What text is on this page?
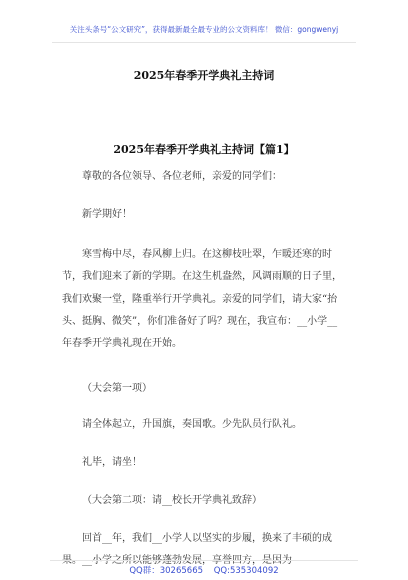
关注头条号“公文研究”，获得最新最全最专业的公文资料库！ 微信：gongwenyj
2025年春季开学典礼主持词
2025年春季开学典礼主持词【篇1】
尊敬的各位领导、各位老师，亲爱的同学们：
新学期好！
寒雪梅中尽，春风柳上归。在这柳枝吐翠，乍暖还寒的时节，我们迎来了新的学期。在这生机盎然，风调雨顺的日子里，我们欢聚一堂，隆重举行开学典礼。亲爱的同学们，请大家“抬头、挺胸、微笑”，你们准备好了吗？现在，我宣布：__小学__年春季开学典礼现在开始。
（大会第一项）
请全体起立，升国旗，奏国歌。少先队员行队礼。
礼毕，请坐！
（大会第二项：请__校长开学典礼致辞）
回首__年，我们__小学人以坚实的步履，换来了丰硕的成
QQ群：30265665 QQ:535304092
